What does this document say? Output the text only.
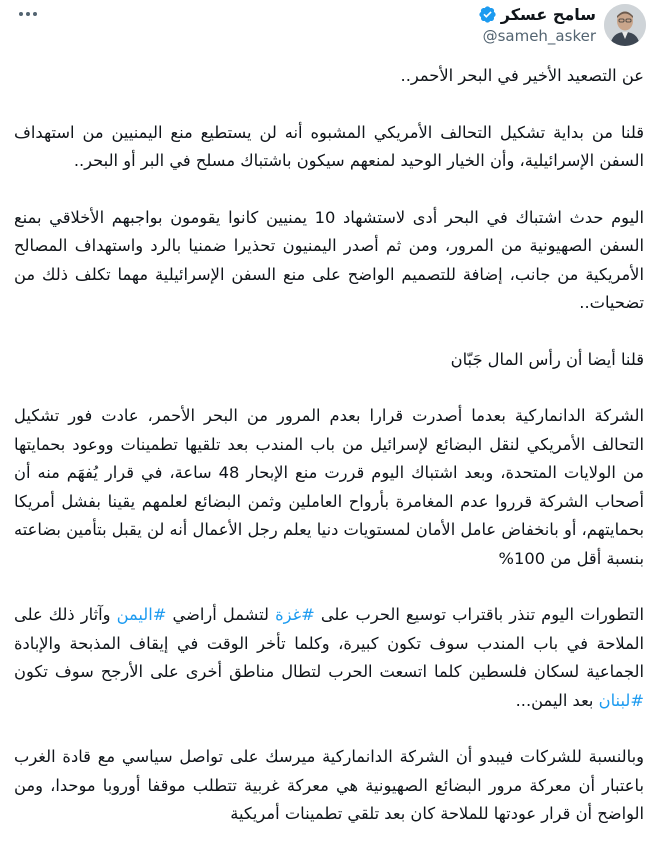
سامح عسكر
@sameh_asker

عن التصعيد الأخير في البحر الأحمر..

قلنا من بداية تشكيل التحالف الأمريكي المشبوه أنه لن يستطيع منع اليمنيين من استهداف السفن الإسرائيلية، وأن الخيار الوحيد لمنعهم سيكون باشتباك مسلح في البر أو البحر..

اليوم حدث اشتباك في البحر أدى لاستشهاد 10 يمنيين كانوا يقومون بواجبهم الأخلاقي بمنع السفن الصهيونية من المرور، ومن ثم أصدر اليمنيون تحذيرا ضمنيا بالرد واستهداف المصالح الأمريكية من جانب، إضافة للتصميم الواضح على منع السفن الإسرائيلية مهما تكلف ذلك من تضحيات..

قلنا أيضا أن رأس المال جَبّان

الشركة الدانماركية بعدما أصدرت قرارا بعدم المرور من البحر الأحمر، عادت فور تشكيل التحالف الأمريكي لنقل البضائع لإسرائيل من باب المندب بعد تلقيها تطمينات ووعود بحمايتها من الولايات المتحدة، وبعد اشتباك اليوم قررت منع الإبحار 48 ساعة، في قرار يُفهَم منه أن أصحاب الشركة قرروا عدم المغامرة بأرواح العاملين وثمن البضائع لعلمهم يقينا بفشل أمريكا بحمايتهم، أو بانخفاض عامل الأمان لمستويات دنيا يعلم رجل الأعمال أنه لن يقبل بتأمين بضاعته بنسبة أقل من 100%

التطورات اليوم تنذر باقتراب توسيع الحرب على #غزة لتشمل أراضي #اليمن وآثار ذلك على الملاحة في باب المندب سوف تكون كبيرة، وكلما تأخر الوقت في إيقاف المذبحة والإبادة الجماعية لسكان فلسطين كلما اتسعت الحرب لتطال مناطق أخرى على الأرجح سوف تكون #لبنان بعد اليمن...

وبالنسبة للشركات فيبدو أن الشركة الدانماركية ميرسك على تواصل سياسي مع قادة الغرب باعتبار أن معركة مرور البضائع الصهيونية هي معركة غربية تتطلب موقفا أوروبا موحدا، ومن الواضح أن قرار عودتها للملاحة كان بعد تلقي تطمينات أمريكية
